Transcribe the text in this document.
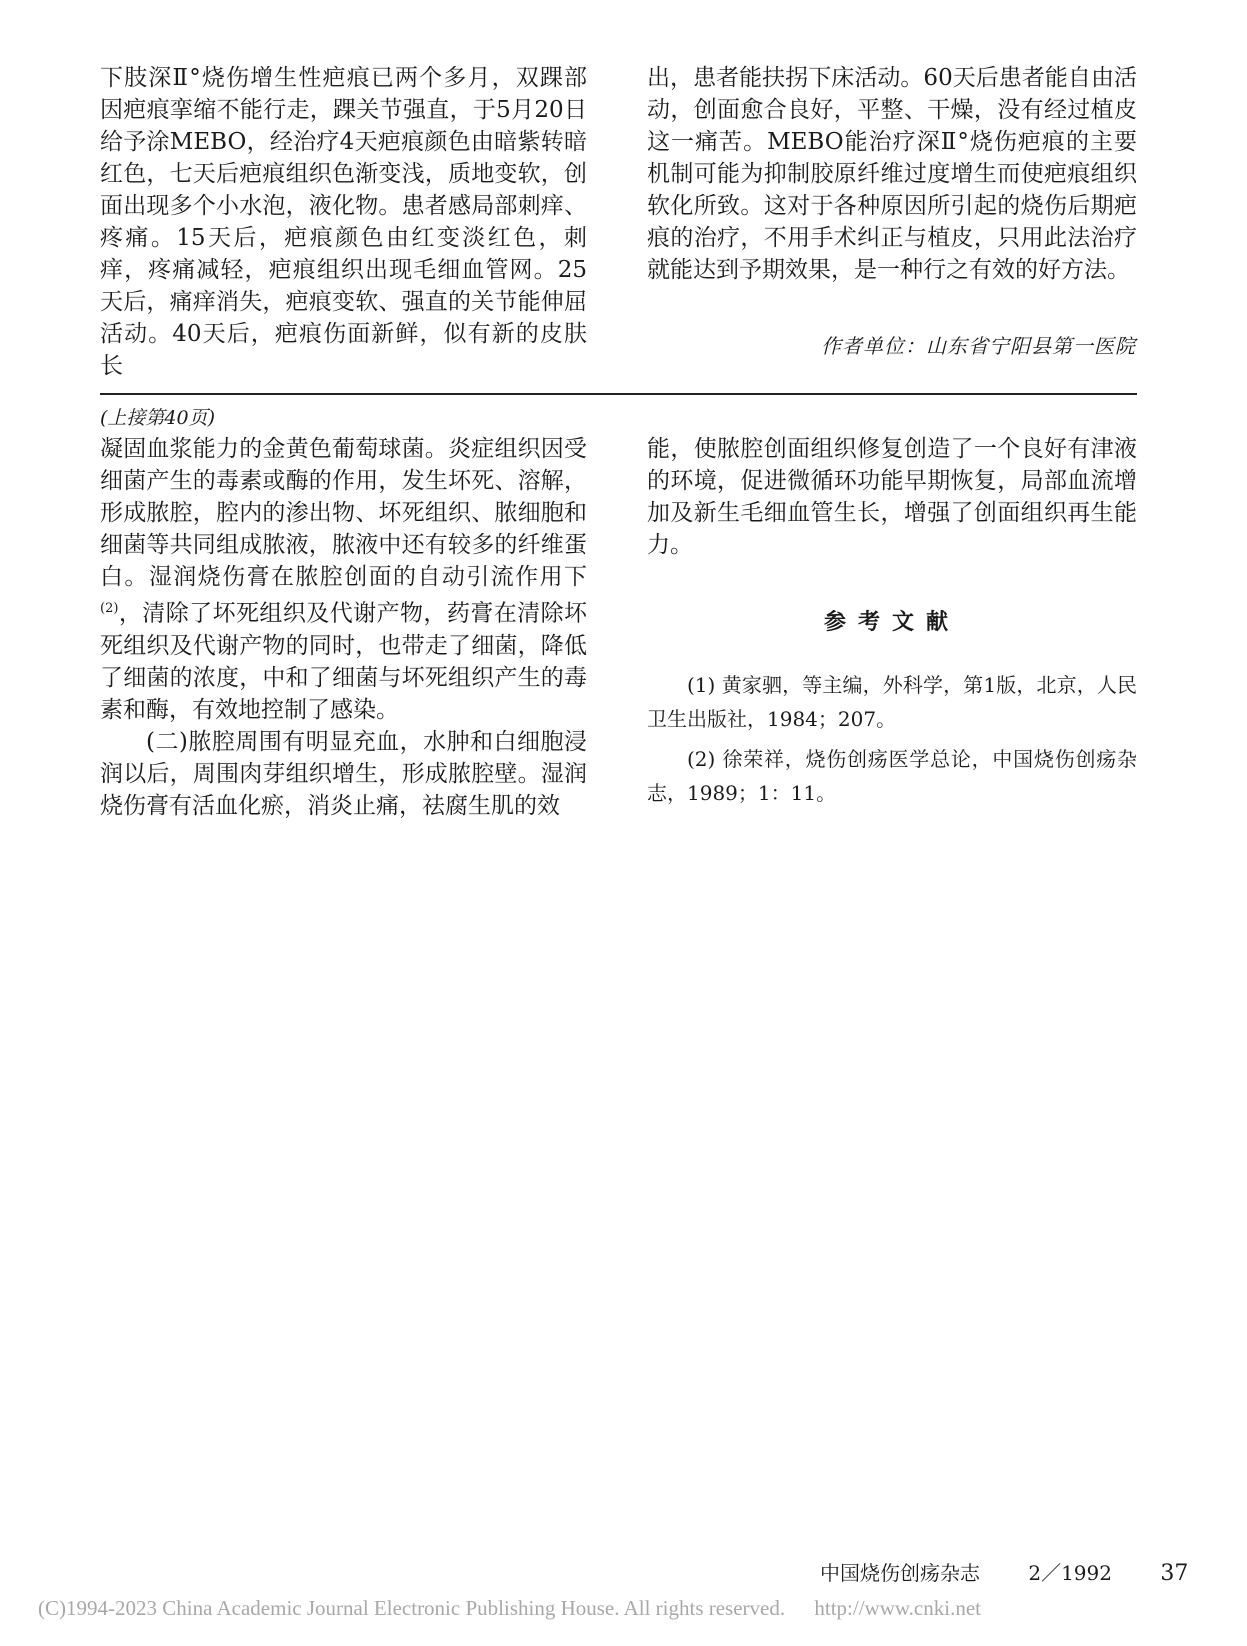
下肢深Ⅱ°烧伤增生性疤痕已两个多月，双踝部因疤痕挛缩不能行走，踝关节强直，于5月20日给予涂MEBO，经治疗4天疤痕颜色由暗紫转暗红色，七天后疤痕组织色渐变浅，质地变软，创面出现多个小水泡，液化物。患者感局部刺痒、疼痛。15天后，疤痕颜色由红变淡红色，刺痒，疼痛减轻，疤痕组织出现毛细血管网。25天后，痛痒消失，疤痕变软、强直的关节能伸屈活动。40天后，疤痕伤面新鲜，似有新的皮肤长

出，患者能扶拐下床活动。60天后患者能自由活动，创面愈合良好，平整、干燥，没有经过植皮这一痛苦。MEBO能治疗深Ⅱ°烧伤疤痕的主要机制可能为抑制胶原纤维过度增生而使疤痕组织软化所致。这对于各种原因所引起的烧伤后期疤痕的治疗，不用手术纠正与植皮，只用此法治疗就能达到予期效果，是一种行之有效的好方法。

作者单位：山东省宁阳县第一医院
(上接第40页)

凝固血浆能力的金黄色葡萄球菌。炎症组织因受细菌产生的毒素或酶的作用，发生坏死、溶解，形成脓腔，腔内的渗出物、坏死组织、脓细胞和细菌等共同组成脓液，脓液中还有较多的纤维蛋白。湿润烧伤膏在脓腔创面的自动引流作用下$^{(2)}$，清除了坏死组织及代谢产物，药膏在清除坏死组织及代谢产物的同时，也带走了细菌，降低了细菌的浓度，中和了细菌与坏死组织产生的毒素和酶，有效地控制了感染。

(二)脓腔周围有明显充血，水肿和白细胞浸润以后，周围肉芽组织增生，形成脓腔壁。湿润烧伤膏有活血化瘀，消炎止痛，祛腐生肌的效

能，使脓腔创面组织修复创造了一个良好有津液的环境，促进微循环功能早期恢复，局部血流增加及新生毛细血管生长，增强了创面组织再生能力。

参考文献

(1) 黄家驷，等主编，外科学，第1版，北京，人民卫生出版社，1984；207。

(2) 徐荣祥，烧伤创疡医学总论，中国烧伤创疡杂志，1989；1：11。

中国烧伤创疡杂志 2／1992 37
(C)1994-2023 China Academic Journal Electronic Publishing House. All rights reserved. http://www.cnki.net
